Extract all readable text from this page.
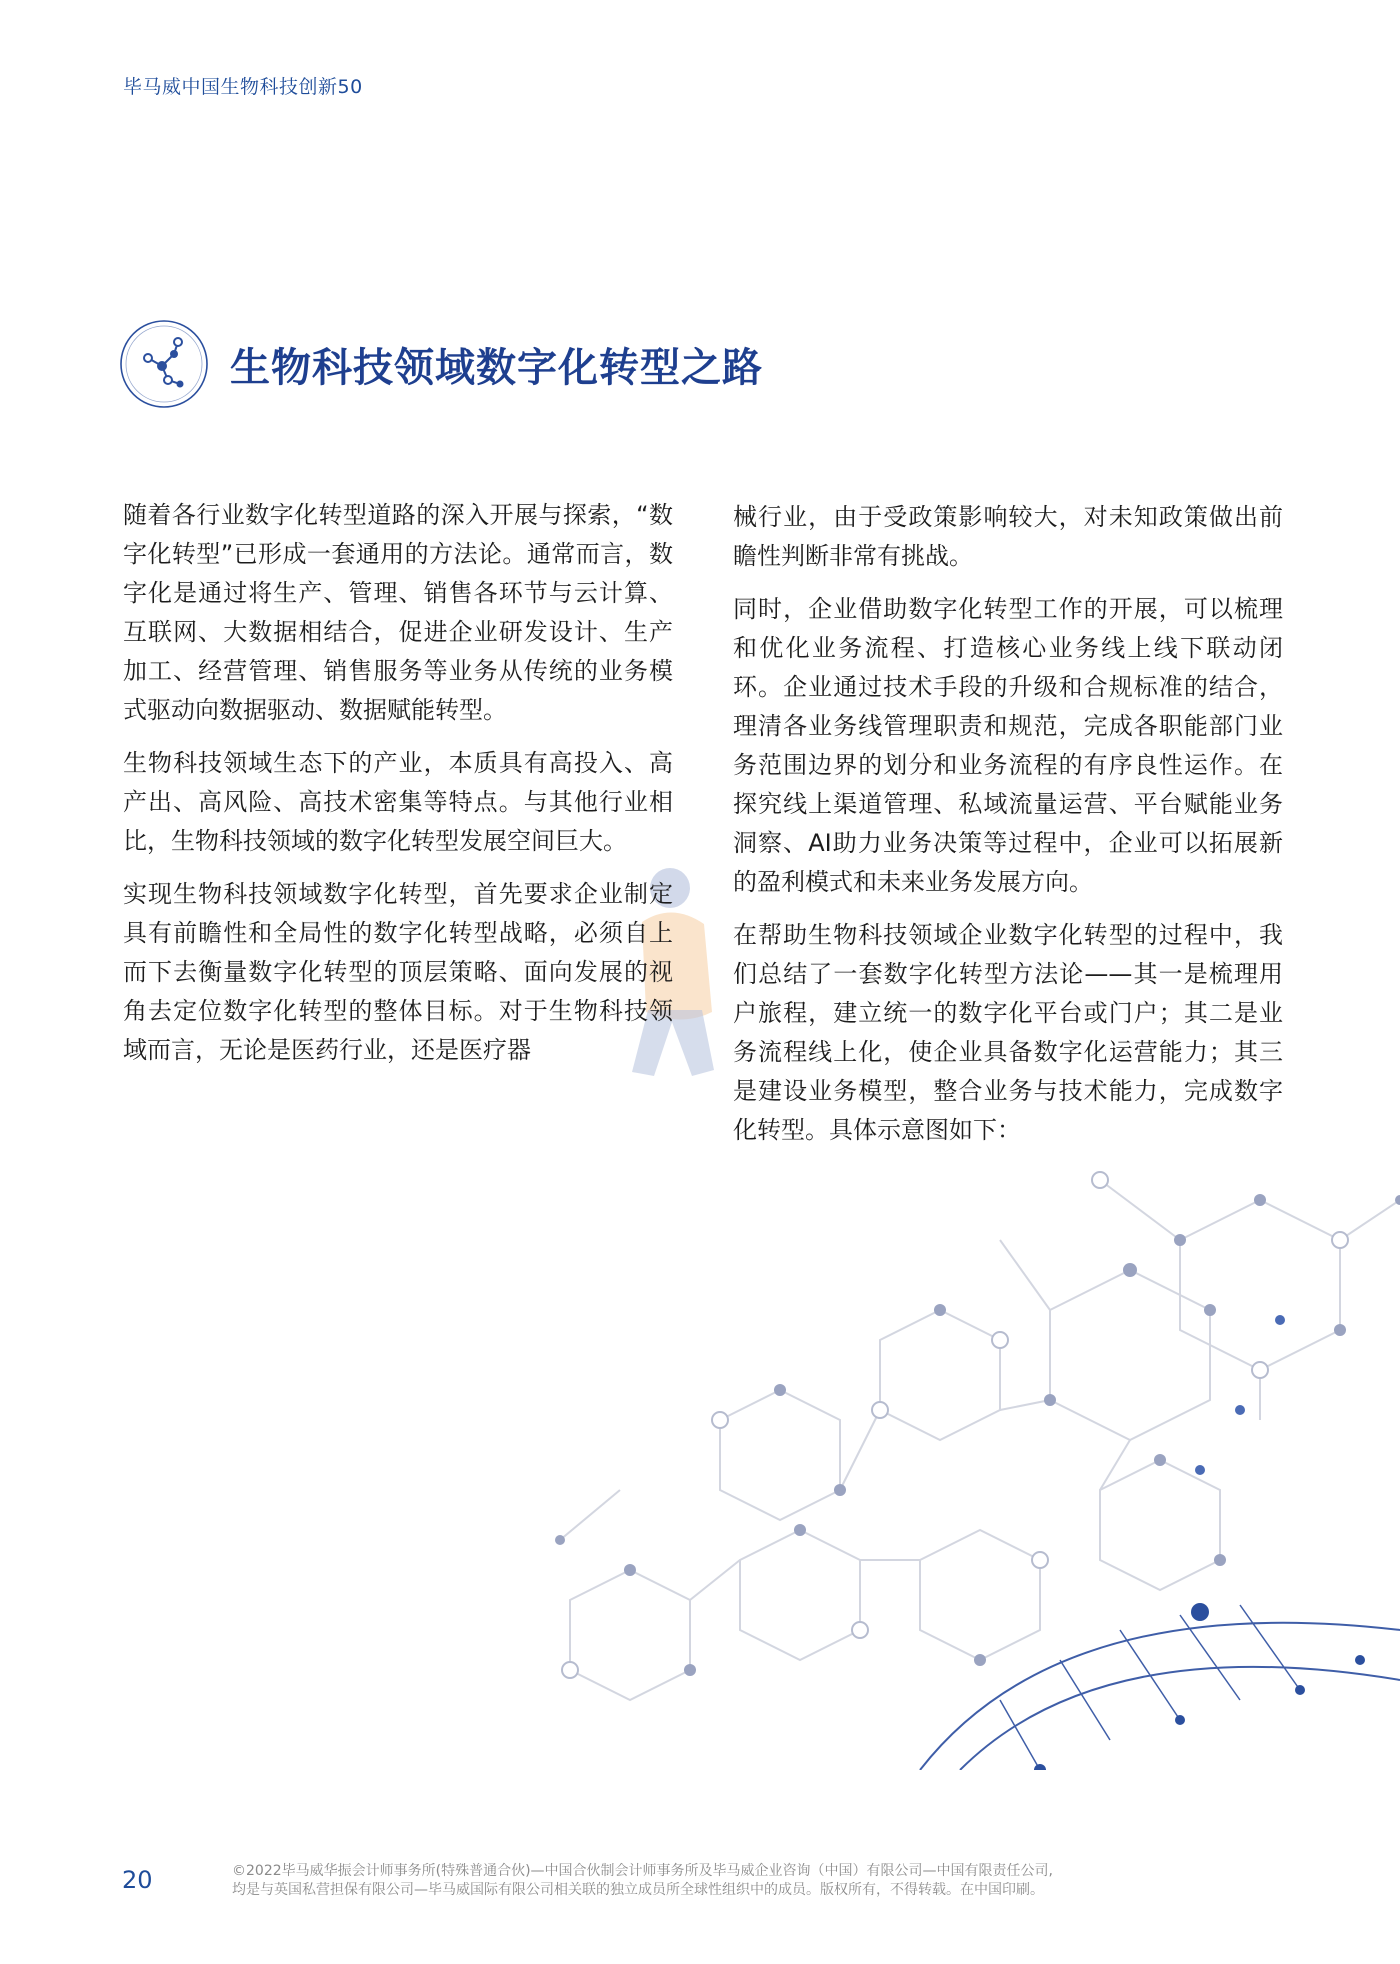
毕马威中国生物科技创新50
生物科技领域数字化转型之路

随着各行业数字化转型道路的深入开展与探索，“数字化转型”已形成一套通用的方法论。通常而言，数字化是通过将生产、管理、销售各环节与云计算、互联网、大数据相结合，促进企业研发设计、生产加工、经营管理、销售服务等业务从传统的业务模式驱动向数据驱动、数据赋能转型。

生物科技领域生态下的产业，本质具有高投入、高产出、高风险、高技术密集等特点。与其他行业相比，生物科技领域的数字化转型发展空间巨大。

实现生物科技领域数字化转型，首先要求企业制定具有前瞻性和全局性的数字化转型战略，必须自上而下去衡量数字化转型的顶层策略、面向发展的视角去定位数字化转型的整体目标。对于生物科技领域而言，无论是医药行业，还是医疗器

械行业，由于受政策影响较大，对未知政策做出前瞻性判断非常有挑战。

同时，企业借助数字化转型工作的开展，可以梳理和优化业务流程、打造核心业务线上线下联动闭环。企业通过技术手段的升级和合规标准的结合，理清各业务线管理职责和规范，完成各职能部门业务范围边界的划分和业务流程的有序良性运作。在探究线上渠道管理、私域流量运营、平台赋能业务洞察、AI助力业务决策等过程中，企业可以拓展新的盈利模式和未来业务发展方向。

在帮助生物科技领域企业数字化转型的过程中，我们总结了一套数字化转型方法论——其一是梳理用户旅程，建立统一的数字化平台或门户；其二是业务流程线上化，使企业具备数字化运营能力；其三是建设业务模型，整合业务与技术能力，完成数字化转型。具体示意图如下：

20	©2022毕马威华振会计师事务所(特殊普通合伙)—中国合伙制会计师事务所及毕马威企业咨询（中国）有限公司—中国有限责任公司,
均是与英国私营担保有限公司—毕马威国际有限公司相关联的独立成员所全球性组织中的成员。版权所有，不得转载。在中国印刷。
